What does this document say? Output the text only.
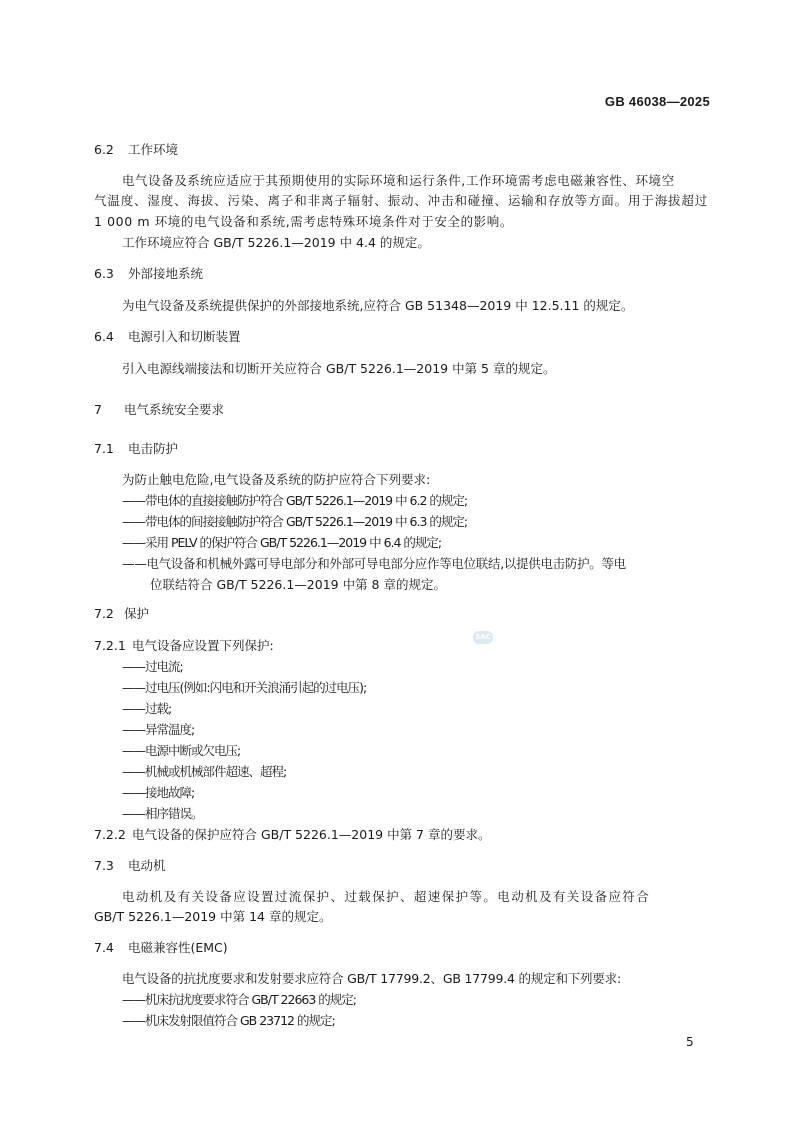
GB 46038—2025
6.2 工作环境
电气设备及系统应适应于其预期使用的实际环境和运行条件,工作环境需考虑电磁兼容性、环境空
气温度、湿度、海拔、污染、离子和非离子辐射、振动、冲击和碰撞、运输和存放等方面。用于海拔超过
1 000 m 环境的电气设备和系统,需考虑特殊环境条件对于安全的影响。
工作环境应符合 GB/T 5226.1—2019 中 4.4 的规定。
6.3 外部接地系统
为电气设备及系统提供保护的外部接地系统,应符合 GB 51348—2019 中 12.5.11 的规定。
6.4 电源引入和切断装置
引入电源线端接法和切断开关应符合 GB/T 5226.1—2019 中第 5 章的规定。
7 电气系统安全要求
7.1 电击防护
为防止触电危险,电气设备及系统的防护应符合下列要求:
——带电体的直接接触防护符合 GB/T 5226.1—2019 中 6.2 的规定;
——带电体的间接接触防护符合 GB/T 5226.1—2019 中 6.3 的规定;
——采用 PELV 的保护符合 GB/T 5226.1—2019 中 6.4 的规定;
——电气设备和机械外露可导电部分和外部可导电部分应作等电位联结,以提供电击防护。等电
位联结符合 GB/T 5226.1—2019 中第 8 章的规定。
7.2 保护
7.2.1 电气设备应设置下列保护:
SAC
——过电流;
——过电压(例如:闪电和开关浪涌引起的过电压);
——过载;
——异常温度;
——电源中断或欠电压;
——机械或机械部件超速、超程;
——接地故障;
——相序错误。
7.2.2 电气设备的保护应符合 GB/T 5226.1—2019 中第 7 章的要求。
7.3 电动机
电动机及有关设备应设置过流保护、过载保护、超速保护等。电动机及有关设备应符合
GB/T 5226.1—2019 中第 14 章的规定。
7.4 电磁兼容性(EMC)
电气设备的抗扰度要求和发射要求应符合 GB/T 17799.2、GB 17799.4 的规定和下列要求:
——机床抗扰度要求符合 GB/T 22663 的规定;
——机床发射限值符合 GB 23712 的规定;
5
